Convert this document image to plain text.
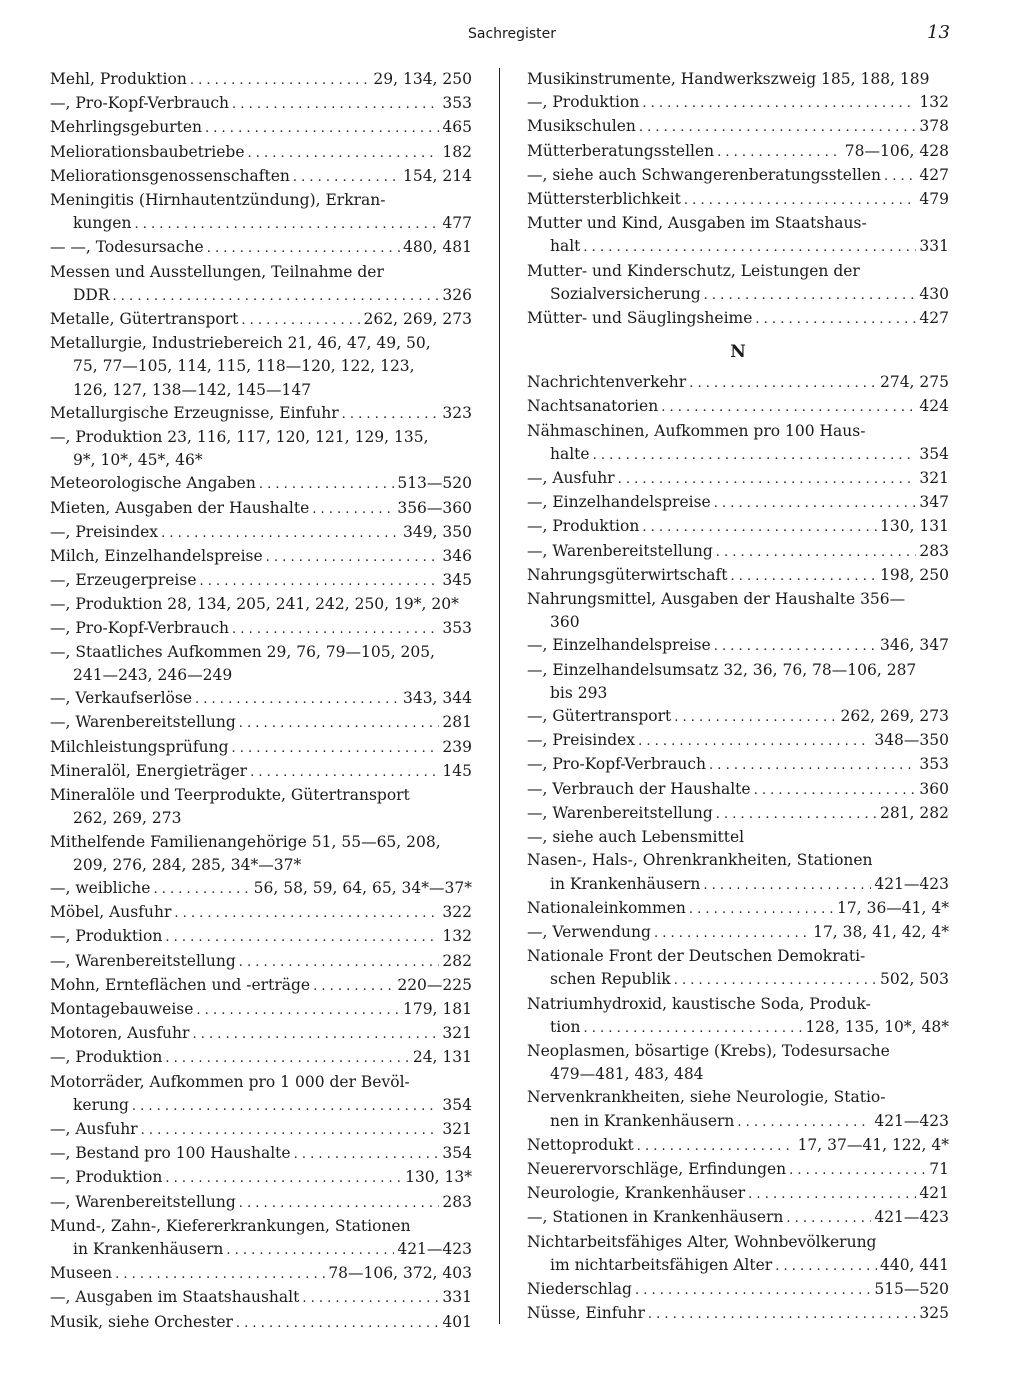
Sachregister	13
Mehl, Produktion . . .	29, 134, 250
—, Pro-Kopf-Verbrauch . . .	353
Mehrlingsgeburten . . .	465
Meliorationsbaubetriebe . . .	182
Meliorationsgenossenschaften . . .	154, 214
Meningitis (Hirnhautentzündung), Erkran-
kungen . . .	477
— —, Todesursache . . .	480, 481
Messen und Ausstellungen, Teilnahme der
DDR . . .	326
Metalle, Gütertransport . . .	262, 269, 273
Metallurgie, Industriebereich 21, 46, 47, 49, 50,
75, 77—105, 114, 115, 118—120, 122, 123,
126, 127, 138—142, 145—147
Metallurgische Erzeugnisse, Einfuhr . . .	323
—, Produktion 23, 116, 117, 120, 121, 129, 135,
9*, 10*, 45*, 46*
Meteorologische Angaben . . .	513—520
Mieten, Ausgaben der Haushalte . . .	356—360
—, Preisindex . . .	349, 350
Milch, Einzelhandelspreise . . .	346
—, Erzeugerpreise . . .	345
—, Produktion 28, 134, 205, 241, 242, 250, 19*, 20*
—, Pro-Kopf-Verbrauch . . .	353
—, Staatliches Aufkommen 29, 76, 79—105, 205,
241—243, 246—249
—, Verkaufserlöse . . .	343, 344
—, Warenbereitstellung . . .	281
Milchleistungsprüfung . . .	239
Mineralöl, Energieträger . . .	145
Mineralöle und Teerprodukte, Gütertransport
262, 269, 273
Mithelfende Familienangehörige 51, 55—65, 208,
209, 276, 284, 285, 34*—37*
—, weibliche . . .	56, 58, 59, 64, 65, 34*—37*
Möbel, Ausfuhr . . .	322
—, Produktion . . .	132
—, Warenbereitstellung . . .	282
Mohn, Ernteflächen und -erträge . . .	220—225
Montagebauweise . . .	179, 181
Motoren, Ausfuhr . . .	321
—, Produktion . . .	24, 131
Motorräder, Aufkommen pro 1 000 der Bevöl-
kerung . . .	354
—, Ausfuhr . . .	321
—, Bestand pro 100 Haushalte . . .	354
—, Produktion . . .	130, 13*
—, Warenbereitstellung . . .	283
Mund-, Zahn-, Kiefererkrankungen, Stationen
in Krankenhäusern . . .	421—423
Museen . . .	78—106, 372, 403
—, Ausgaben im Staatshaushalt . . .	331
Musik, siehe Orchester . . .	401
Musikinstrumente, Handwerkszweig 185, 188, 189
—, Produktion . . .	132
Musikschulen . . .	378
Mütterberatungsstellen . . .	78—106, 428
—, siehe auch Schwangerenberatungsstellen . . . 427
Müttersterblichkeit . . .	479
Mutter und Kind, Ausgaben im Staatshaus-
halt . . .	331
Mutter- und Kinderschutz, Leistungen der
Sozialversicherung . . .	430
Mütter- und Säuglingsheime . . .	427
N
Nachrichtenverkehr . . .	274, 275
Nachtsanatorien . . .	424
Nähmaschinen, Aufkommen pro 100 Haus-
halte . . .	354
—, Ausfuhr . . .	321
—, Einzelhandelspreise . . .	347
—, Produktion . . .	130, 131
—, Warenbereitstellung . . .	283
Nahrungsgüterwirtschaft . . .	198, 250
Nahrungsmittel, Ausgaben der Haushalte 356—
360
—, Einzelhandelspreise . . .	346, 347
—, Einzelhandelsumsatz 32, 36, 76, 78—106, 287
bis 293
—, Gütertransport . . .	262, 269, 273
—, Preisindex . . .	348—350
—, Pro-Kopf-Verbrauch . . .	353
—, Verbrauch der Haushalte . . .	360
—, Warenbereitstellung . . .	281, 282
—, siehe auch Lebensmittel
Nasen-, Hals-, Ohrenkrankheiten, Stationen
in Krankenhäusern . . .	421—423
Nationaleinkommen . . .	17, 36—41, 4*
—, Verwendung . . .	17, 38, 41, 42, 4*
Nationale Front der Deutschen Demokrati-
schen Republik . . .	502, 503
Natriumhydroxid, kaustische Soda, Produk-
tion . . .	128, 135, 10*, 48*
Neoplasmen, bösartige (Krebs), Todesursache
479—481, 483, 484
Nervenkrankheiten, siehe Neurologie, Statio-
nen in Krankenhäusern . . .	421—423
Nettoprodukt . . .	17, 37—41, 122, 4*
Neuerervorschläge, Erfindungen . . .	71
Neurologie, Krankenhäuser . . .	421
—, Stationen in Krankenhäusern . . .	421—423
Nichtarbeitsfähiges Alter, Wohnbevölkerung
im nichtarbeitsfähigen Alter . . .	440, 441
Niederschlag . . .	515—520
Nüsse, Einfuhr . . .	325
